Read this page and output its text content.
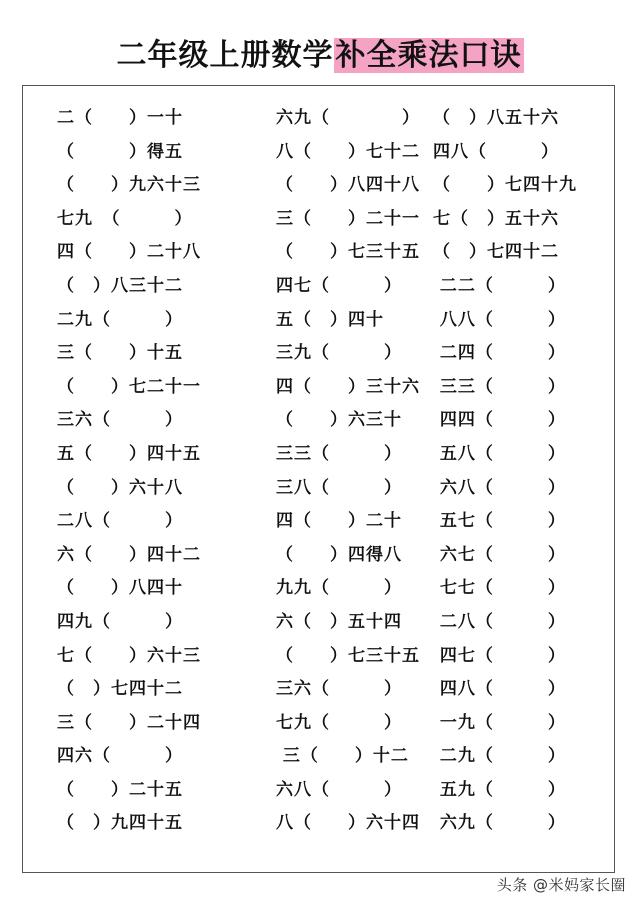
二年级上册数学补全乘法口诀
二（　　）一十
（　　　）得五
（　　）九六十三
七九　（　　　）
四（　　）二十八
（　）八三十二
二九（　　　）
三（　　）十五
（　　）七二十一
三六（　　　）
五（　　）四十五
（　　）六十八
二八（　　　）
六（　　）四十二
（　　）八四十
四九（　　　）
七（　　）六十三
（　）七四十二
三（　　）二十四
四六（　　　）
（　　）二十五
（　）九四十五
六九（　　　　）
八（　　）七十二
（　　）八四十八
三（　　）二十一
（　　）七三十五
四七（　　　）
五（　）四十
三九（　　　）
四（　　）三十六
（　　）六三十
三三（　　　）
三八（　　　）
四（　　）二十
（　　）四得八
九九（　　　）
六（　）五十四
（　　）七三十五
三六（　　　）
七九（　　　）
三（　　）十二
六八（　　　）
八（　　）六十四
（　）八五十六
四八（　　　）
（　　）七四十九
七（　）五十六
（　）七四十二
二二（　　　）
八八（　　　）
二四（　　　）
三三（　　　）
四四（　　　）
五八（　　　）
六八（　　　）
五七（　　　）
六七（　　　）
七七（　　　）
二八（　　　）
四七（　　　）
四八（　　　）
一九（　　　）
二九（　　　）
五九（　　　）
六九（　　　）
头条 @米妈家长圈
